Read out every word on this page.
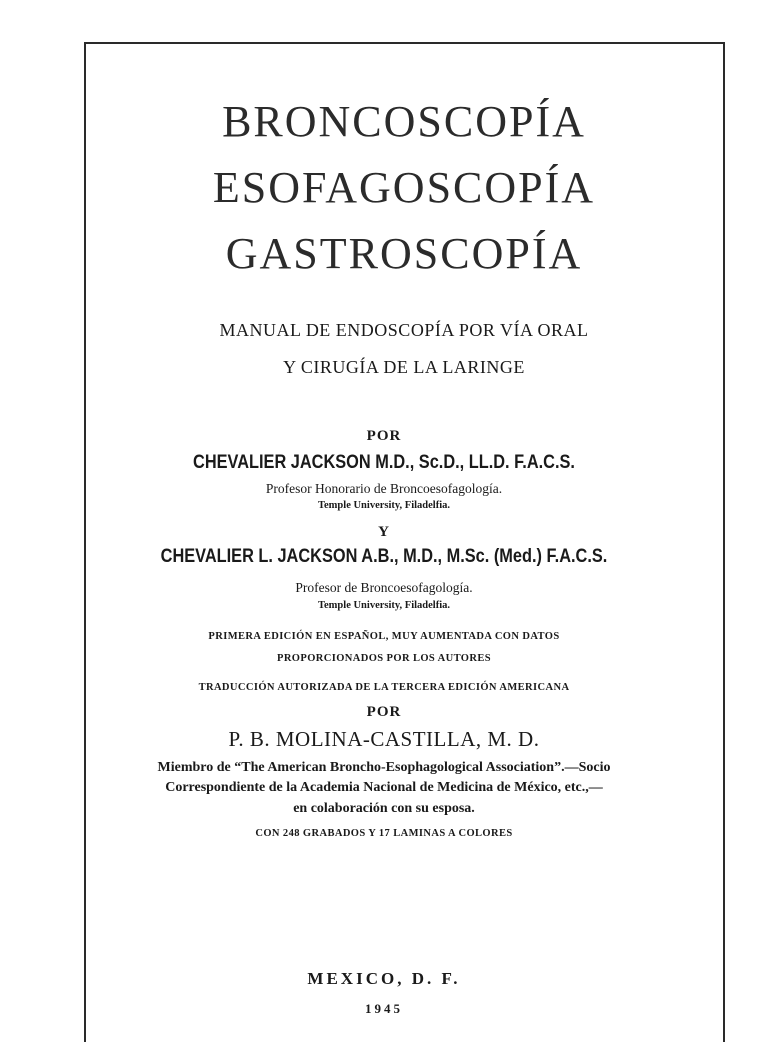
BRONCOSCOPÍA
ESOFAGOSCOPÍA
GASTROSCOPÍA
MANUAL DE ENDOSCOPÍA POR VÍA ORAL
Y CIRUGÍA DE LA LARINGE
POR
CHEVALIER JACKSON M.D., Sc.D., LL.D. F.A.C.S.
Profesor Honorario de Broncoesofagología.
Temple University, Filadelfia.
Y
CHEVALIER L. JACKSON A.B., M.D., M.Sc. (Med.) F.A.C.S.
Profesor de Broncoesofagología.
Temple University, Filadelfia.
PRIMERA EDICIÓN EN ESPAÑOL, MUY AUMENTADA CON DATOS
PROPORCIONADOS POR LOS AUTORES
TRADUCCIÓN AUTORIZADA DE LA TERCERA EDICIÓN AMERICANA
POR
P. B. MOLINA-CASTILLA, M. D.
Miembro de “The American Broncho-Esophagological Association”.—Socio
Correspondiente de la Academia Nacional de Medicina de México, etc.,—
en colaboración con su esposa.
CON 248 GRABADOS Y 17 LAMINAS A COLORES
MEXICO, D. F.
1945
